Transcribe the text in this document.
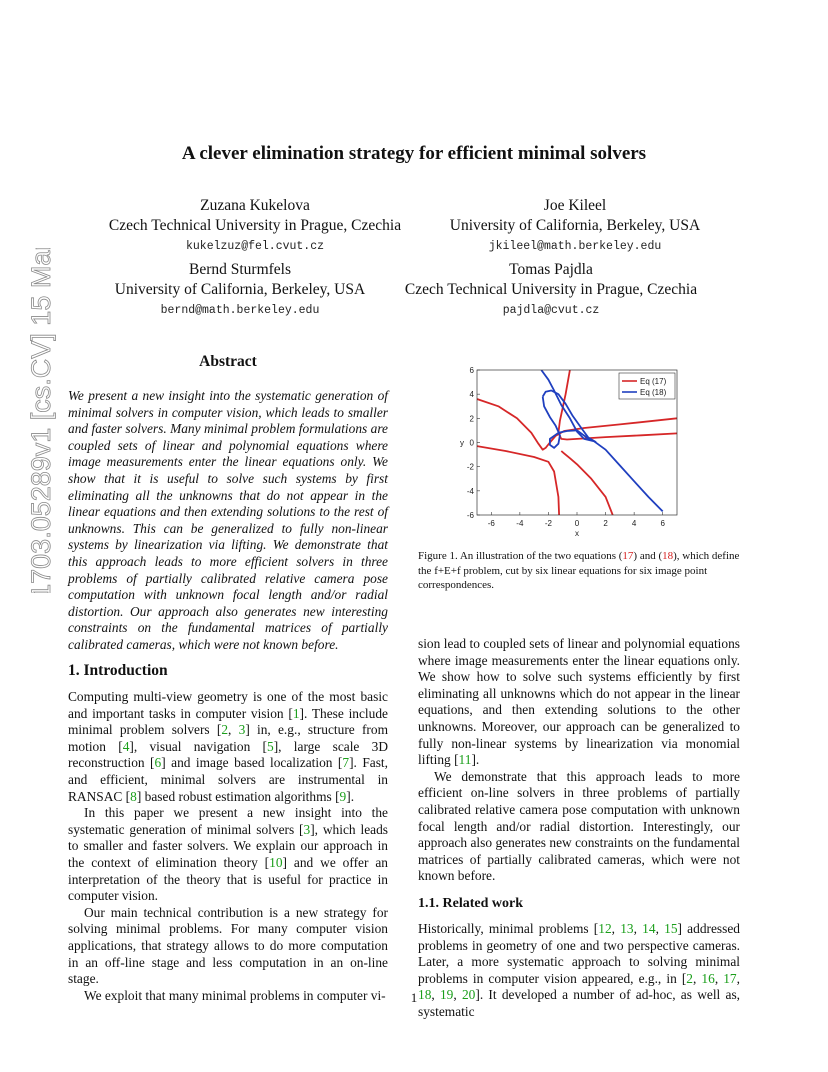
arXiv:1703.05289v1 [cs.CV] 15 Mar 2017
A clever elimination strategy for efficient minimal solvers
Zuzana Kukelova
Czech Technical University in Prague, Czechia
kukelzuz@fel.cvut.cz
Joe Kileel
University of California, Berkeley, USA
jkileel@math.berkeley.edu
Bernd Sturmfels
University of California, Berkeley, USA
bernd@math.berkeley.edu
Tomas Pajdla
Czech Technical University in Prague, Czechia
pajdla@cvut.cz
Abstract
We present a new insight into the systematic generation of minimal solvers in computer vision, which leads to smaller and faster solvers. Many minimal problem formulations are coupled sets of linear and polynomial equations where image measurements enter the linear equations only. We show that it is useful to solve such systems by first eliminating all the unknowns that do not appear in the linear equations and then extending solutions to the rest of unknowns. This can be generalized to fully non-linear systems by linearization via lifting. We demonstrate that this approach leads to more efficient solvers in three problems of partially calibrated relative camera pose computation with unknown focal length and/or radial distortion. Our approach also generates new interesting constraints on the fundamental matrices of partially calibrated cameras, which were not known before.
1. Introduction
Computing multi-view geometry is one of the most basic and important tasks in computer vision [1]. These include minimal problem solvers [2, 3] in, e.g., structure from motion [4], visual navigation [5], large scale 3D reconstruction [6] and image based localization [7]. Fast, and efficient, minimal solvers are instrumental in RANSAC [8] based robust estimation algorithms [9].
In this paper we present a new insight into the systematic generation of minimal solvers [3], which leads to smaller and faster solvers. We explain our approach in the context of elimination theory [10] and we offer an interpretation of the theory that is useful for practice in computer vision.
Our main technical contribution is a new strategy for solving minimal problems. For many computer vision applications, that strategy allows to do more computation in an off-line stage and less computation in an on-line stage.
We exploit that many minimal problems in computer vi-
-6	-4	-2	0	2	4	6
-6
-4
-2
0
2
4
6
x
y
Eq (17)
Eq (18)
Figure 1. An illustration of the two equations (17) and (18), which define the f+E+f problem, cut by six linear equations for six image point correspondences.
sion lead to coupled sets of linear and polynomial equations where image measurements enter the linear equations only. We show how to solve such systems efficiently by first eliminating all unknowns which do not appear in the linear equations, and then extending solutions to the other unknowns. Moreover, our approach can be generalized to fully non-linear systems by linearization via monomial lifting [11].
We demonstrate that this approach leads to more efficient on-line solvers in three problems of partially calibrated relative camera pose computation with unknown focal length and/or radial distortion. Interestingly, our approach also generates new constraints on the fundamental matrices of partially calibrated cameras, which were not known before.
1.1. Related work
Historically, minimal problems [12, 13, 14, 15] addressed problems in geometry of one and two perspective cameras. Later, a more systematic approach to solving minimal problems in computer vision appeared, e.g., in [2, 16, 17, 18, 19, 20]. It developed a number of ad-hoc, as well as, systematic
1
